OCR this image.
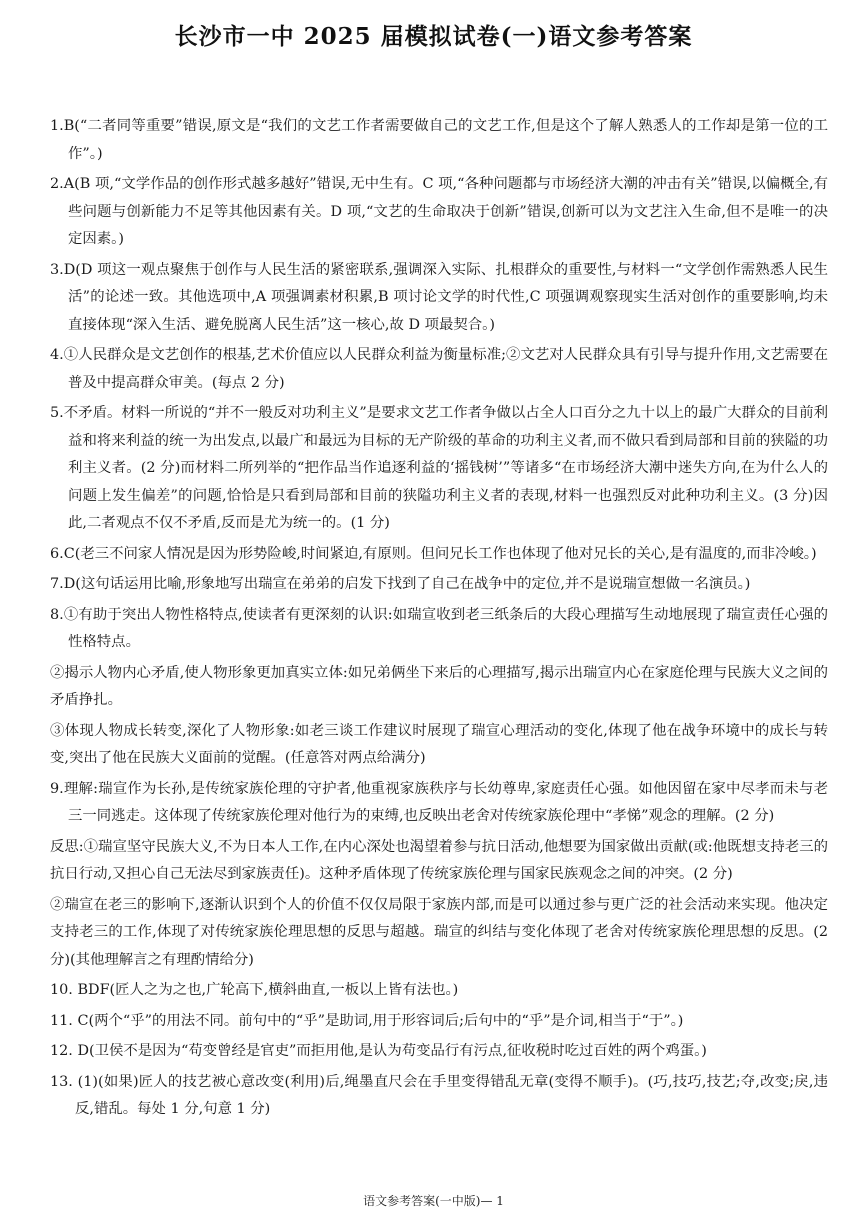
长沙市一中 2025 届模拟试卷(一)语文参考答案

1.B(“二者同等重要”错误,原文是“我们的文艺工作者需要做自己的文艺工作,但是这个了解人熟悉人的工作却是第一位的工作”。)

2.A(B 项,“文学作品的创作形式越多越好”错误,无中生有。C 项,“各种问题都与市场经济大潮的冲击有关”错误,以偏概全,有些问题与创新能力不足等其他因素有关。D 项,“文艺的生命取决于创新”错误,创新可以为文艺注入生命,但不是唯一的决定因素。)

3.D(D 项这一观点聚焦于创作与人民生活的紧密联系,强调深入实际、扎根群众的重要性,与材料一“文学创作需熟悉人民生活”的论述一致。其他选项中,A 项强调素材积累,B 项讨论文学的时代性,C 项强调观察现实生活对创作的重要影响,均未直接体现“深入生活、避免脱离人民生活”这一核心,故 D 项最契合。)

4.①人民群众是文艺创作的根基,艺术价值应以人民群众利益为衡量标准;②文艺对人民群众具有引导与提升作用,文艺需要在普及中提高群众审美。(每点 2 分)

5.不矛盾。材料一所说的“并不一般反对功利主义”是要求文艺工作者争做以占全人口百分之九十以上的最广大群众的目前利益和将来利益的统一为出发点,以最广和最远为目标的无产阶级的革命的功利主义者,而不做只看到局部和目前的狭隘的功利主义者。(2 分)而材料二所列举的“把作品当作追逐利益的‘摇钱树’”等诸多“在市场经济大潮中迷失方向,在为什么人的问题上发生偏差”的问题,恰恰是只看到局部和目前的狭隘功利主义者的表现,材料一也强烈反对此种功利主义。(3 分)因此,二者观点不仅不矛盾,反而是尤为统一的。(1 分)

6.C(老三不问家人情况是因为形势险峻,时间紧迫,有原则。但问兄长工作也体现了他对兄长的关心,是有温度的,而非冷峻。)

7.D(这句话运用比喻,形象地写出瑞宣在弟弟的启发下找到了自己在战争中的定位,并不是说瑞宣想做一名演员。)

8.①有助于突出人物性格特点,使读者有更深刻的认识:如瑞宣收到老三纸条后的大段心理描写生动地展现了瑞宣责任心强的性格特点。

②揭示人物内心矛盾,使人物形象更加真实立体:如兄弟俩坐下来后的心理描写,揭示出瑞宣内心在家庭伦理与民族大义之间的矛盾挣扎。

③体现人物成长转变,深化了人物形象:如老三谈工作建议时展现了瑞宣心理活动的变化,体现了他在战争环境中的成长与转变,突出了他在民族大义面前的觉醒。(任意答对两点给满分)

9.理解:瑞宣作为长孙,是传统家族伦理的守护者,他重视家族秩序与长幼尊卑,家庭责任心强。如他因留在家中尽孝而未与老三一同逃走。这体现了传统家族伦理对他行为的束缚,也反映出老舍对传统家族伦理中“孝悌”观念的理解。(2 分)

反思:①瑞宣坚守民族大义,不为日本人工作,在内心深处也渴望着参与抗日活动,他想要为国家做出贡献(或:他既想支持老三的抗日行动,又担心自己无法尽到家族责任)。这种矛盾体现了传统家族伦理与国家民族观念之间的冲突。(2 分)

②瑞宣在老三的影响下,逐渐认识到个人的价值不仅仅局限于家族内部,而是可以通过参与更广泛的社会活动来实现。他决定支持老三的工作,体现了对传统家族伦理思想的反思与超越。瑞宣的纠结与变化体现了老舍对传统家族伦理思想的反思。(2 分)(其他理解言之有理酌情给分)

10. BDF(匠人之为之也,广轮高下,横斜曲直,一板以上皆有法也。)

11. C(两个“乎”的用法不同。前句中的“乎”是助词,用于形容词后;后句中的“乎”是介词,相当于“于”。)

12. D(卫侯不是因为“苟变曾经是官吏”而拒用他,是认为苟变品行有污点,征收税时吃过百姓的两个鸡蛋。)

13. (1)(如果)匠人的技艺被心意改变(利用)后,绳墨直尺会在手里变得错乱无章(变得不顺手)。(巧,技巧,技艺;夺,改变;戾,违反,错乱。每处 1 分,句意 1 分)

语文参考答案(一中版)— 1
